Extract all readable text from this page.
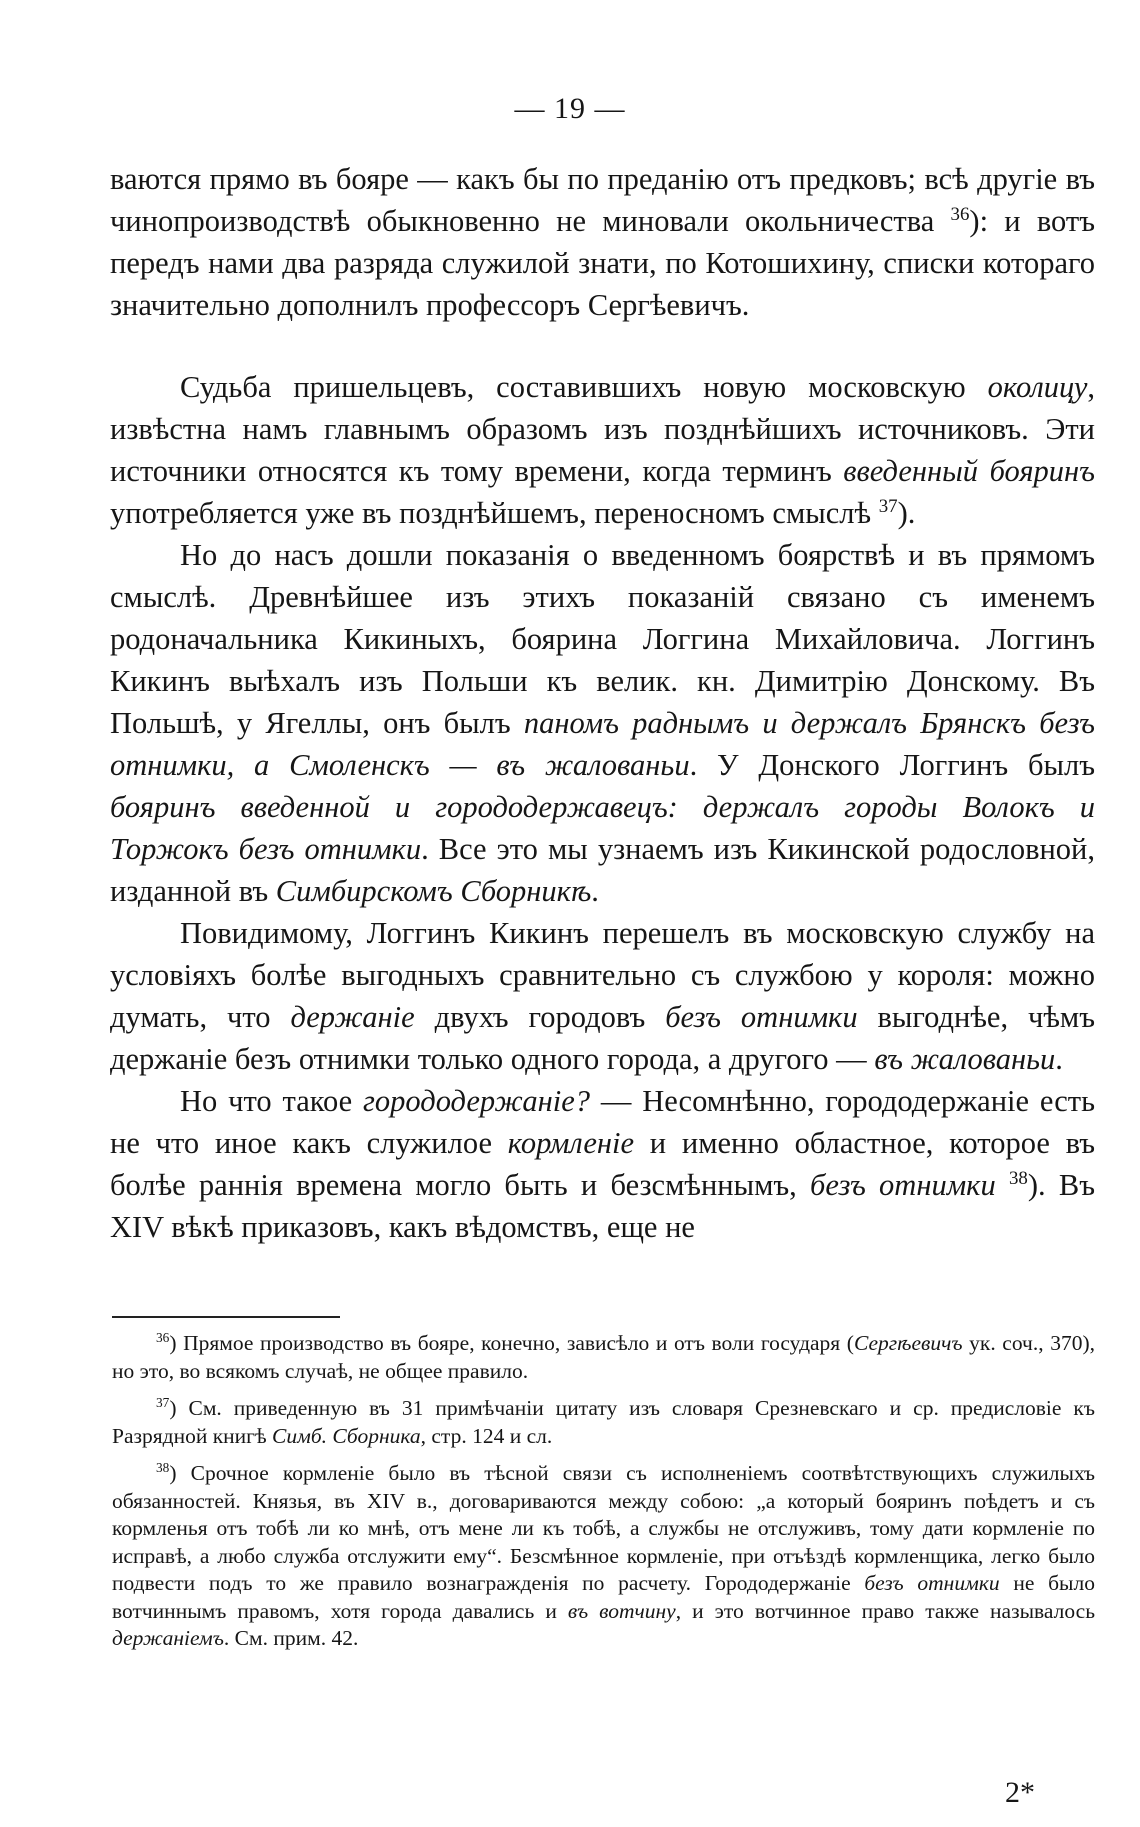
— 19 —

ваются прямо въ бояре — какъ бы по преданію отъ предковъ; всѣ другіе въ чинопроизводствѣ обыкновенно не миновали окольничества $^{36}$): и вотъ передъ нами два разряда служилой знати, по Котошихину, списки котораго значительно дополнилъ профессоръ Сергѣевичъ.

Судьба пришельцевъ, составившихъ новую московскую околицу, извѣстна намъ главнымъ образомъ изъ позднѣйшихъ источниковъ. Эти источники относятся къ тому времени, когда терминъ введенный бояринъ употребляется уже въ позднѣйшемъ, переносномъ смыслѣ $^{37}$).

Но до насъ дошли показанія о введенномъ боярствѣ и въ прямомъ смыслѣ. Древнѣйшее изъ этихъ показаній связано съ именемъ родоначальника Кикиныхъ, боярина Логгина Михайловича. Логгинъ Кикинъ выѣхалъ изъ Польши къ велик. кн. Димитрію Донскому. Въ Польшѣ, у Ягеллы, онъ былъ паномъ раднымъ и держалъ Брянскъ безъ отнимки, а Смоленскъ — въ жалованьи. У Донского Логгинъ былъ бояринъ введенной и горододержавецъ: держалъ городы Волокъ и Торжокъ безъ отнимки. Все это мы узнаемъ изъ Кикинской родословной, изданной въ Симбирскомъ Сборникѣ.

Повидимому, Логгинъ Кикинъ перешелъ въ московскую службу на условіяхъ болѣе выгодныхъ сравнительно съ службою у короля: можно думать, что держаніе двухъ городовъ безъ отнимки выгоднѣе, чѣмъ держаніе безъ отнимки только одного города, а другого — въ жалованьи.

Но что такое горододержаніе? — Несомнѣнно, горододержаніе есть не что иное какъ служилое кормленіе и именно областное, которое въ болѣе раннія времена могло быть и безсмѣннымъ, безъ отнимки $^{38}$). Въ XIV вѣкѣ приказовъ, какъ вѣдомствъ, еще не

$^{36}$) Прямое производство въ бояре, конечно, зависѣло и отъ воли государя (Сергѣевичъ ук. соч., 370), но это, во всякомъ случаѣ, не общее правило.

$^{37}$) См. приведенную въ 31 примѣчаніи цитату изъ словаря Срезневскаго и ср. предисловіе къ Разрядной книгѣ Симб. Сборника, стр. 124 и сл.

$^{38}$) Срочное кормленіе было въ тѣсной связи съ исполненіемъ соотвѣтствующихъ служилыхъ обязанностей. Князья, въ XIV в., договариваются между собою: „а который бояринъ поѣдетъ и съ кормленья отъ тобѣ ли ко мнѣ, отъ мене ли къ тобѣ, а службы не отслуживъ, тому дати кормленіе по исправѣ, а любо служба отслужити ему“. Безсмѣнное кормленіе, при отъѣздѣ кормленщика, легко было подвести подъ то же правило вознагражденія по расчету. Горододержаніе безъ отнимки не было вотчиннымъ правомъ, хотя города давались и въ вотчину, и это вотчинное право также называлось держаніемъ. См. прим. 42.

2*
